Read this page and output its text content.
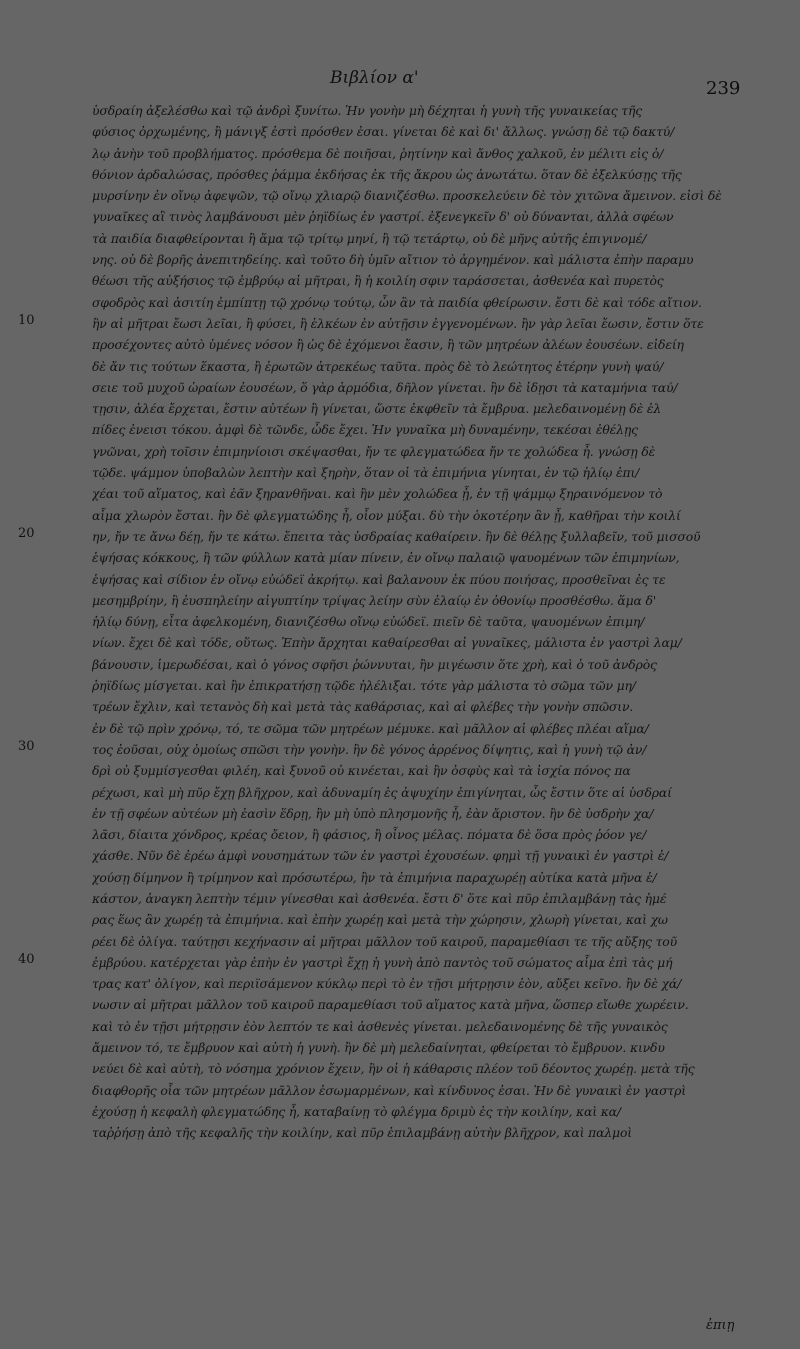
Βιβλίον α'	239
10
20
30
40
ὑσδραίη ἀξελέσθω καὶ τῷ ἀνδρὶ ξυνίτω. Ἡν γονὴν μὴ δέχηται ἡ γυνὴ τῆς γυναικείας τῆς
φύσιος ὀρχωμένης, ἢ μάνιγξ ἐστὶ πρόσθεν ἐσαι. γίνεται δὲ καὶ δι' ἄλλως. γνώσῃ δὲ τῷ δακτύ/
λῳ ἀνὴν τοῦ προβλήματος. πρόσθεμα δὲ ποιῆσαι, ῥητίνην καὶ ἄνθος χαλκοῦ, ἐν μέλιτι εἰς ὀ/
θόνιον ἀρδαλώσας, πρόσθες ῥάμμα ἐκδήσας ἐκ τῆς ἄκρου ὡς ἀνωτάτω. ὅταν δὲ ἐξελκύσῃς τῆς
μυρσίνην ἐν οἴνῳ ἀφεψῶν, τῷ οἴνῳ χλιαρῷ διανιζέσθω. προσκελεύειν δὲ τὸν χιτῶνα ἄμεινον. εἰσὶ δὲ
γυναῖκες αἳ τινὸς λαμβάνουσι μὲν ῥηϊδίως ἐν γαστρί. ἐξενεγκεῖν δ' οὐ δύνανται, ἀλλὰ σφέων
τὰ παιδία διαφθείρονται ἢ ἅμα τῷ τρίτῳ μηνί, ἢ τῷ τετάρτῳ, οὐ δὲ μῆνς αὐτῆς ἐπιγινομέ/
νης. οὐ δὲ βορῆς ἀνεπιτηδείης. καὶ τοῦτο δὴ ὑμῖν αἴτιον τὸ ἀργημένον. καὶ μάλιστα ἐπὴν παραμυ
θέωσι τῆς αὐξήσιος τῷ ἐμβρύῳ αἱ μῆτραι, ἢ ἡ κοιλίη σφιν ταράσσεται, ἀσθενέα καὶ πυρετὸς
σφοδρὸς καὶ ἀσιτίη ἐμπίπτῃ τῷ χρόνῳ τούτῳ, ὧν ἂν τὰ παιδία φθείρωσιν. ἔστι δὲ καὶ τόδε αἴτιον.
ἢν αἱ μῆτραι ἔωσι λεῖαι, ἢ φύσει, ἢ ἑλκέων ἐν αὐτῇσιν ἐγγενομένων. ἢν γὰρ λεῖαι ἔωσιν, ἔστιν ὅτε
προσέχοντες αὐτὸ ὑμένες νόσον ἢ ὡς δὲ ἐχόμενοι ἔασιν, ἢ τῶν μητρέων ἀλέων ἐουσέων. εἰδείη
δὲ ἄν τις τούτων ἕκαστα, ἢ ἐρωτῶν ἀτρεκέως ταῦτα. πρὸς δὲ τὸ λεώτητος ἑτέρην γυνὴ ψαύ/
σειε τοῦ μυχοῦ ὡραίων ἐουσέων, ὅ γὰρ ἁρμόδια, δῆλον γίνεται. ἢν δὲ ἰδῃσι τὰ καταμήνια ταύ/
τῃσιν, ἀλέα ἔρχεται, ἔστιν αὐτέων ἢ γίνεται, ὥστε ἐκφθεῖν τὰ ἔμβρυα. μελεδαινομένῃ δὲ ἐλ
πίδες ἐνεισι τόκου. ἀμφὶ δὲ τῶνδε, ὧδε ἔχει. Ἡν γυναῖκα μὴ δυναμένην, τεκέσαι ἐθέλῃς
γνῶναι, χρὴ τοῖσιν ἐπιμηνίοισι σκέψασθαι, ἤν τε φλεγματώδεα ἤν τε χολώδεα ἦ. γνώσῃ δὲ
τῷδε. ψάμμον ὑποβαλὼν λεπτὴν καὶ ξηρὴν, ὅταν οἱ τὰ ἐπιμήνια γίνηται, ἐν τῷ ἡλίῳ ἐπι/
χέαι τοῦ αἵματος, καὶ ἐᾶν ξηρανθῆναι. καὶ ἢν μὲν χολώδεα ᾖ, ἐν τῇ ψάμμῳ ξηραινόμενον τὸ
αἷμα χλωρὸν ἔσται. ἢν δὲ φλεγματώδης ἦ, οἷον μύξαι. δὺ τὴν ὁκοτέρην ἂν ᾖ, καθῆραι τὴν κοιλί
ην, ἤν τε ἄνω δέῃ, ἤν τε κάτω. ἔπειτα τὰς ὑσδραίας καθαίρειν. ἢν δὲ θέλῃς ξυλλαβεῖν, τοῦ μισσοῦ
ἑψήσας κόκκους, ἢ τῶν φύλλων κατὰ μίαν πίνειν, ἐν οἴνῳ παλαιῷ ψαυομένων τῶν ἐπιμηνίων,
ἑψήσας καὶ σίδιον ἐν οἴνῳ εὐώδεϊ ἀκρήτῳ. καὶ βαλανουν ἐκ πύου ποιήσας, προσθεῖναι ἐς τε
μεσημβρίην, ἢ ἐυσπηλείην αἰγυπτίην τρίψας λείην σὺν ἐλαίῳ ἐν ὀθονίῳ προσθέσθω. ἅμα δ'
ἡλίῳ δύνῃ, εἶτα ἀφελκομένη, διανιζέσθω οἴνῳ εὐώδεϊ. πιεῖν δὲ ταῦτα, ψαυομένων ἐπιμη/
νίων. ἔχει δὲ καὶ τόδε, οὕτως. Ἐπὴν ἄρχηται καθαίρεσθαι αἱ γυναῖκες, μάλιστα ἐν γαστρὶ λαμ/
βάνουσιν, ἱμερωδέσαι, καὶ ὁ γόνος σφῆσι ῥώννυται, ἢν μιγέωσιν ὅτε χρὴ, καὶ ὁ τοῦ ἀνδρὸς
ῥηϊδίως μίσγεται. καὶ ἢν ἐπικρατήσῃ τῷδε ἠλέλιξαι. τότε γὰρ μάλιστα τὸ σῶμα τῶν μη/
τρέων ἔχλιν, καὶ τετανὸς δὴ καὶ μετὰ τὰς καθάρσιας, καὶ αἱ φλέβες τὴν γονὴν σπῶσιν.
ἐν δὲ τῷ πρὶν χρόνῳ, τό, τε σῶμα τῶν μητρέων μέμυκε. καὶ μᾶλλον αἱ φλέβες πλέαι αἵμα/
τος ἐοῦσαι, οὐχ ὁμοίως σπῶσι τὴν γονὴν. ἢν δὲ γόνος ἀρρένος δίψητις, καὶ ἡ γυνὴ τῷ ἀν/
δρὶ οὐ ξυμμίσγεσθαι φιλέη, καὶ ξυνοῦ οὐ κινέεται, καὶ ἢν ὀσφὺς καὶ τὰ ἰσχία πόνος πα
ρέχωσι, καὶ μὴ πῦρ ἔχῃ βλῆχρον, καὶ ἀδυναμίη ἐς ἀψυχίην ἐπιγίνηται, ὧς ἔστιν ὅτε αἱ ὑσδραί
ἐν τῇ σφέων αὐτέων μὴ ἐασὶν ἕδρῃ, ἢν μὴ ὑπὸ πλησμονῆς ἦ, ἐὰν ἄριστον. ἢν δὲ ὑσδρὴν χα/
λᾶσι, δίαιτα χόνδρος, κρέας ὄειον, ἢ φάσιος, ἢ οἶνος μέλας. πόματα δὲ ὅσα πρὸς ῥόον γε/
χάσθε. Νῦν δὲ ἐρέω ἀμφὶ νουσημάτων τῶν ἐν γαστρὶ ἐχουσέων. φημὶ τῇ γυναικὶ ἐν γαστρὶ ἐ/
χούσῃ δίμηνον ἢ τρίμηνον καὶ πρόσωτέρω, ἢν τὰ ἐπιμήνια παραχωρέῃ αὐτίκα κατὰ μῆνα ἑ/
κάστον, ἀναγκη λεπτὴν τέμιν γίνεσθαι καὶ ἀσθενέα. ἔστι δ' ὅτε καὶ πῦρ ἐπιλαμβάνῃ τὰς ἡμέ
ρας ἕως ἂν χωρέῃ τὰ ἐπιμήνια. καὶ ἐπὴν χωρέῃ καὶ μετὰ τὴν χώρησιν, χλωρὴ γίνεται, καὶ χω
ρέει δὲ ὀλίγα. ταύτῃσι κεχήνασιν αἱ μῆτραι μᾶλλον τοῦ καιροῦ, παραμεθίασι τε τῆς αὔξης τοῦ
ἐμβρύου. κατέρχεται γὰρ ἐπὴν ἐν γαστρὶ ἔχῃ ἡ γυνὴ ἀπὸ παντὸς τοῦ σώματος αἷμα ἐπὶ τὰς μή
τρας κατ' ὀλίγον, καὶ περιϊσάμενον κύκλῳ περὶ τὸ ἐν τῇσι μήτρῃσιν ἐὸν, αὔξει κεῖνο. ἢν δὲ χά/
νωσιν αἱ μῆτραι μᾶλλον τοῦ καιροῦ παραμεθίασι τοῦ αἵματος κατὰ μῆνα, ὥσπερ εἴωθε χωρέειν.
καὶ τὸ ἐν τῇσι μήτρῃσιν ἐὸν λεπτόν τε καὶ ἀσθενὲς γίνεται. μελεδαινομένης δὲ τῆς γυναικὸς
ἄμεινον τό, τε ἔμβρυον καὶ αὐτὴ ἡ γυνὴ. ἢν δὲ μὴ μελεδαίνηται, φθείρεται τὸ ἔμβρυον. κινδυ
νεύει δὲ καὶ αὐτὴ, τὸ νόσημα χρόνιον ἔχειν, ἢν οἱ ἡ κάθαρσις πλέον τοῦ δέοντος χωρέῃ. μετὰ τῆς
διαφθορῆς οἷα τῶν μητρέων μᾶλλον ἐσωμαρμένων, καὶ κίνδυνος ἐσαι. Ἡν δὲ γυναικὶ ἐν γαστρὶ
ἐχούσῃ ἡ κεφαλὴ φλεγματώδης ἦ, καταβαίνῃ τὸ φλέγμα δριμὺ ἐς τὴν κοιλίην, καὶ κα/
ταῤῥήσῃ ἀπὸ τῆς κεφαλῆς τὴν κοιλίην, καὶ πῦρ ἐπιλαμβάνῃ αὐτὴν βλῆχρον, καὶ παλμοὶ
ἐπιῃ
